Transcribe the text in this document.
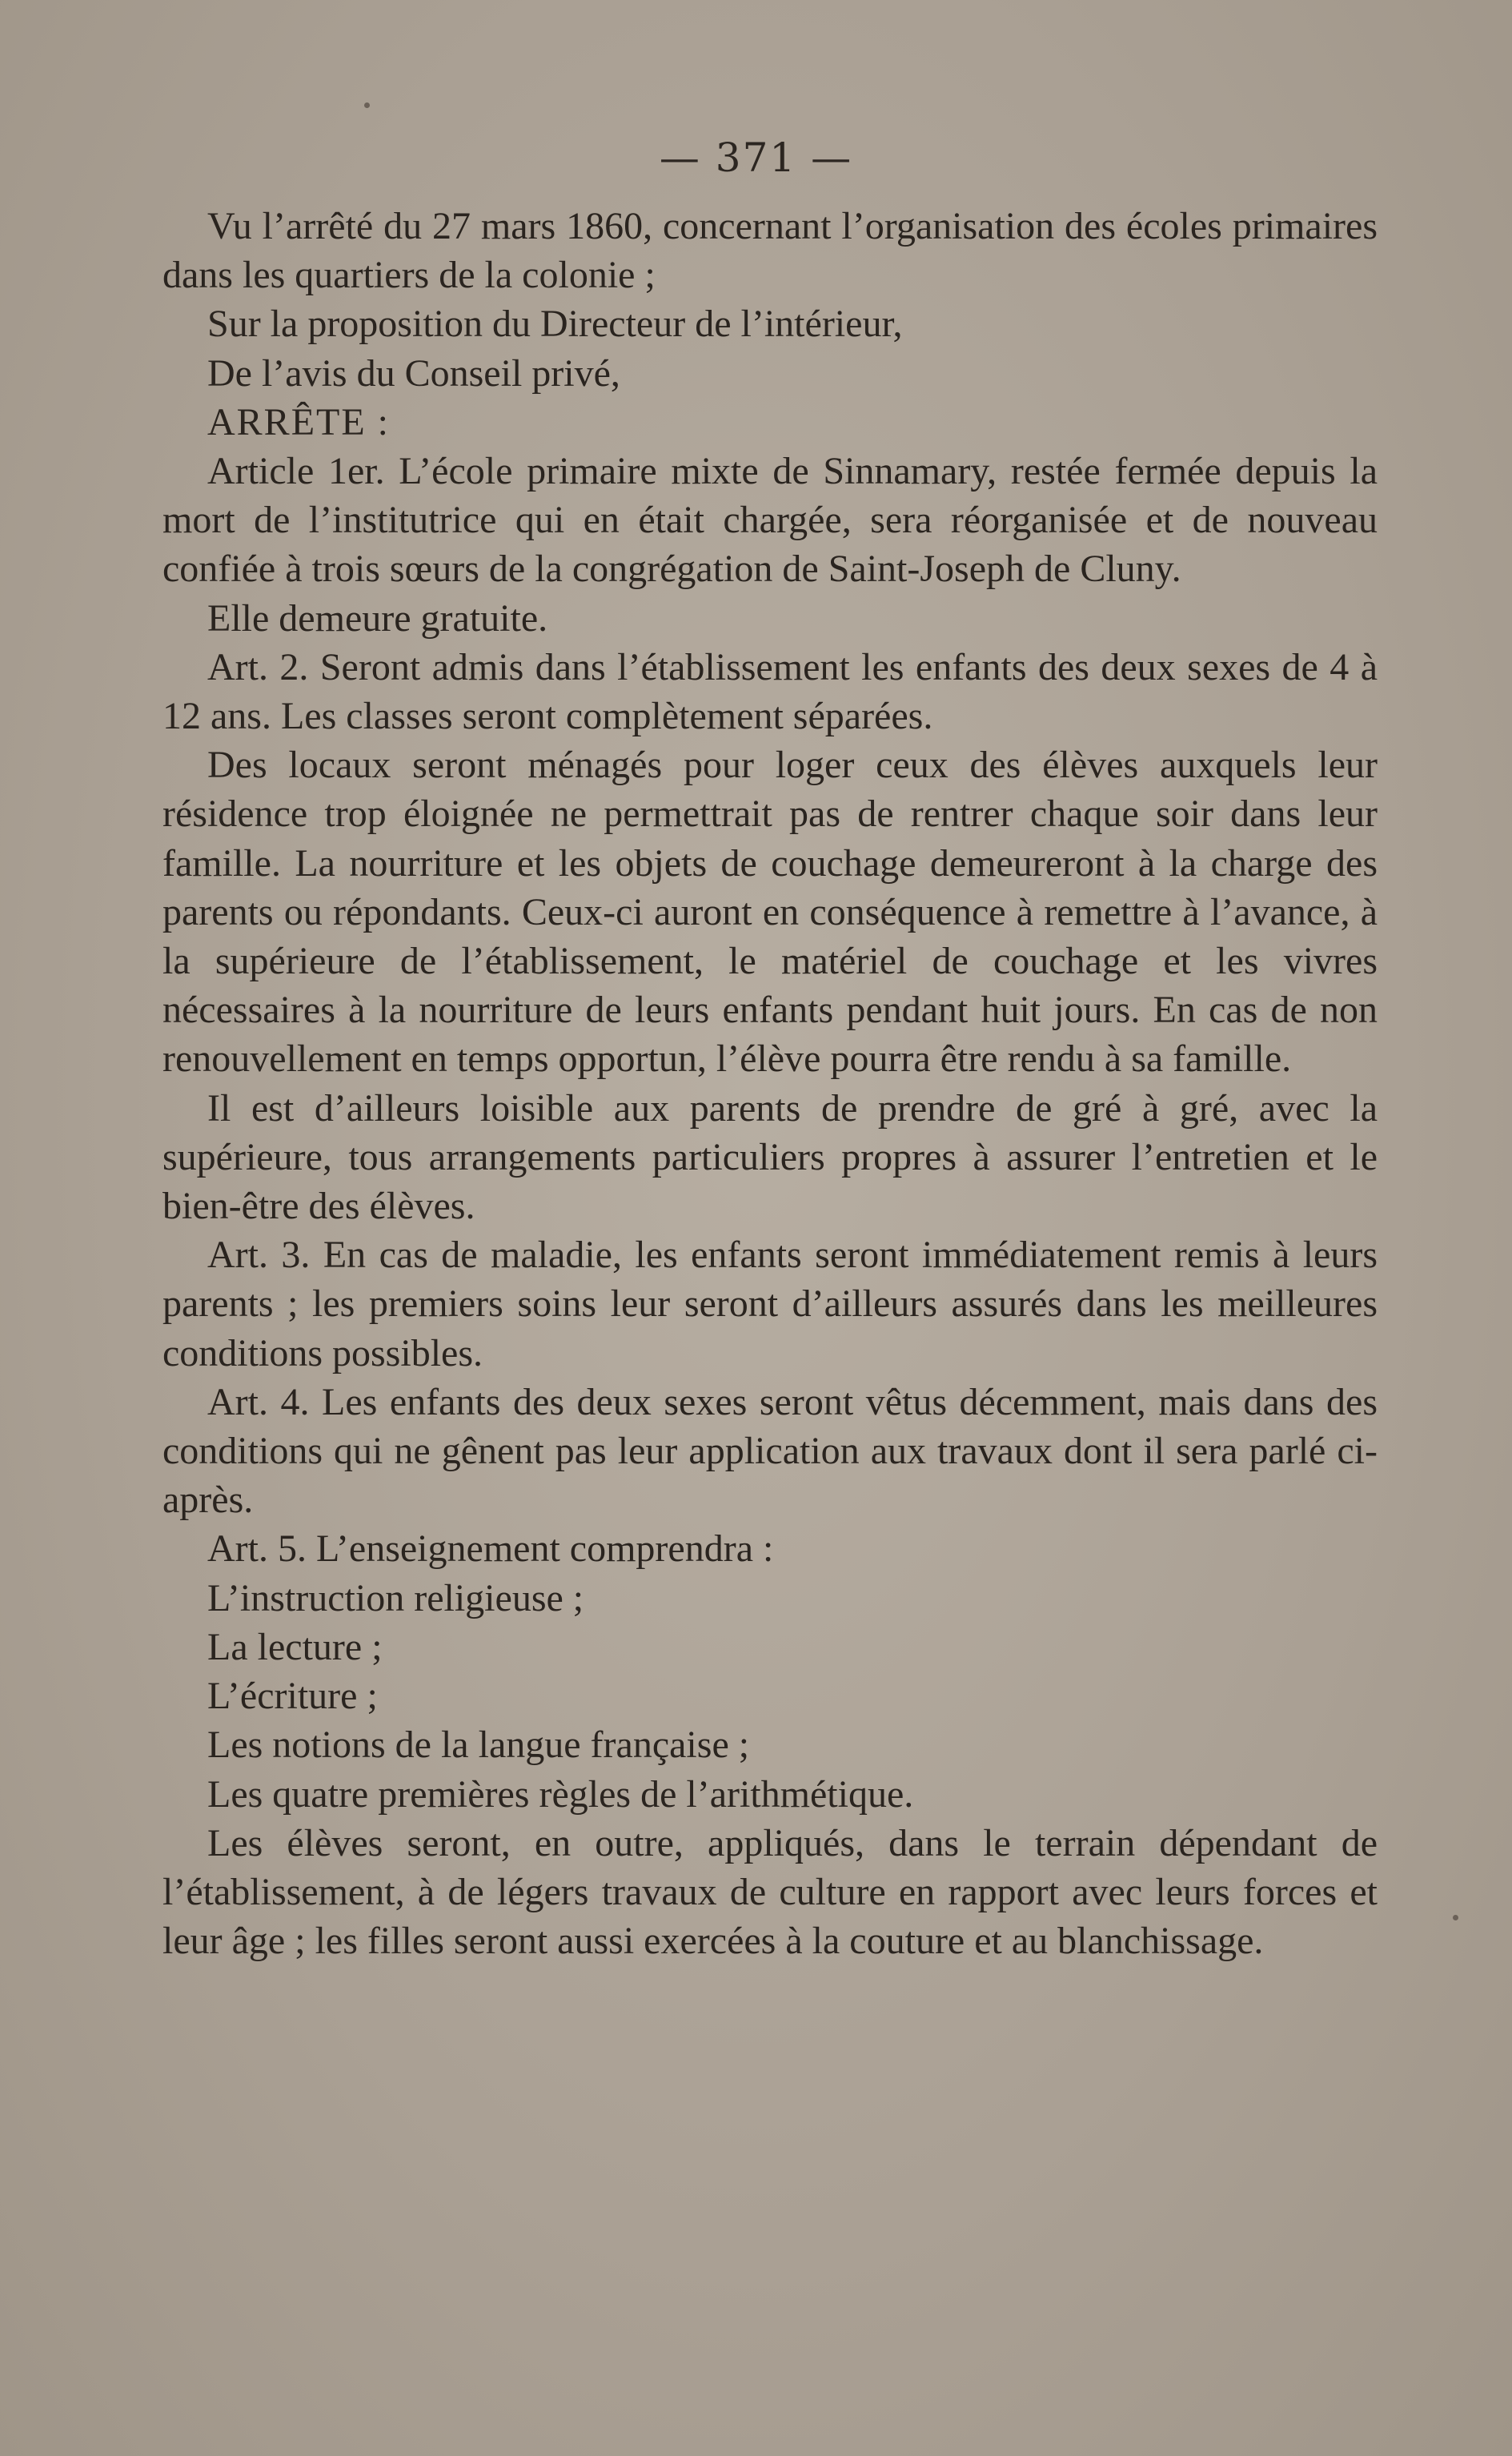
— 371 —

Vu l’arrêté du 27 mars 1860, concernant l’organisation des écoles primaires dans les quartiers de la colonie ;

Sur la proposition du Directeur de l’intérieur,

De l’avis du Conseil privé,

ARRÊTE :

Article 1er. L’école primaire mixte de Sinnamary, restée fermée depuis la mort de l’institutrice qui en était chargée, sera réorganisée et de nouveau confiée à trois sœurs de la congrégation de Saint-Joseph de Cluny.

Elle demeure gratuite.

Art. 2. Seront admis dans l’établissement les enfants des deux sexes de 4 à 12 ans. Les classes seront complètement séparées.

Des locaux seront ménagés pour loger ceux des élèves auxquels leur résidence trop éloignée ne permettrait pas de rentrer chaque soir dans leur famille. La nourriture et les objets de couchage demeureront à la charge des parents ou répondants. Ceux-ci auront en conséquence à remettre à l’avance, à la supérieure de l’établissement, le matériel de couchage et les vivres nécessaires à la nourriture de leurs enfants pendant huit jours. En cas de non renouvellement en temps opportun, l’élève pourra être rendu à sa famille.

Il est d’ailleurs loisible aux parents de prendre de gré à gré, avec la supérieure, tous arrangements particuliers propres à assurer l’entretien et le bien-être des élèves.

Art. 3. En cas de maladie, les enfants seront immédiatement remis à leurs parents ; les premiers soins leur seront d’ailleurs assurés dans les meilleures conditions possibles.

Art. 4. Les enfants des deux sexes seront vêtus décemment, mais dans des conditions qui ne gênent pas leur application aux travaux dont il sera parlé ci-après.

Art. 5. L’enseignement comprendra :

L’instruction religieuse ;

La lecture ;

L’écriture ;

Les notions de la langue française ;

Les quatre premières règles de l’arithmétique.

Les élèves seront, en outre, appliqués, dans le terrain dépendant de l’établissement, à de légers travaux de culture en rapport avec leurs forces et leur âge ; les filles seront aussi exercées à la couture et au blanchissage.
